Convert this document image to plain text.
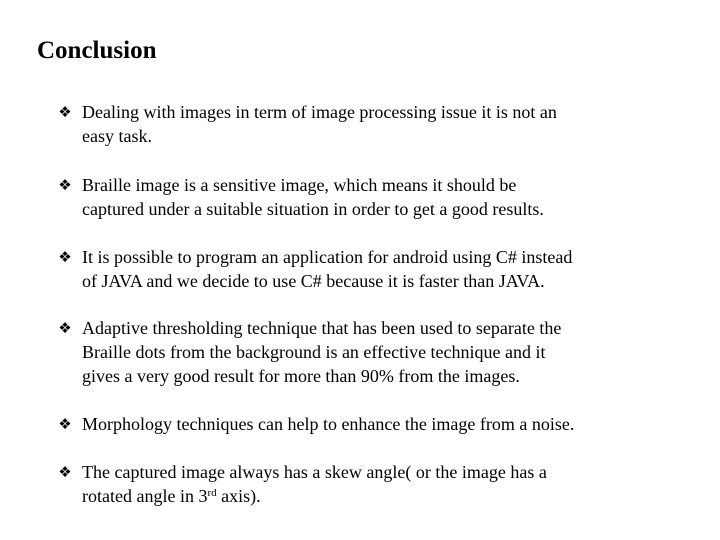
Conclusion
❖ Dealing with images in term of image processing issue it is not an
easy task.
❖ Braille image is a sensitive image, which means it should be
captured under a suitable situation in order to get a good results.
❖ It is possible to program an application for android using C# instead
of JAVA and we decide to use C# because it is faster than JAVA.
❖ Adaptive thresholding technique that has been used to separate the
Braille dots from the background is an effective technique and it
gives a very good result for more than 90% from the images.
❖ Morphology techniques can help to enhance the image from a noise.
❖ The captured image always has a skew angle( or the image has a
rotated angle in 3rd axis).
